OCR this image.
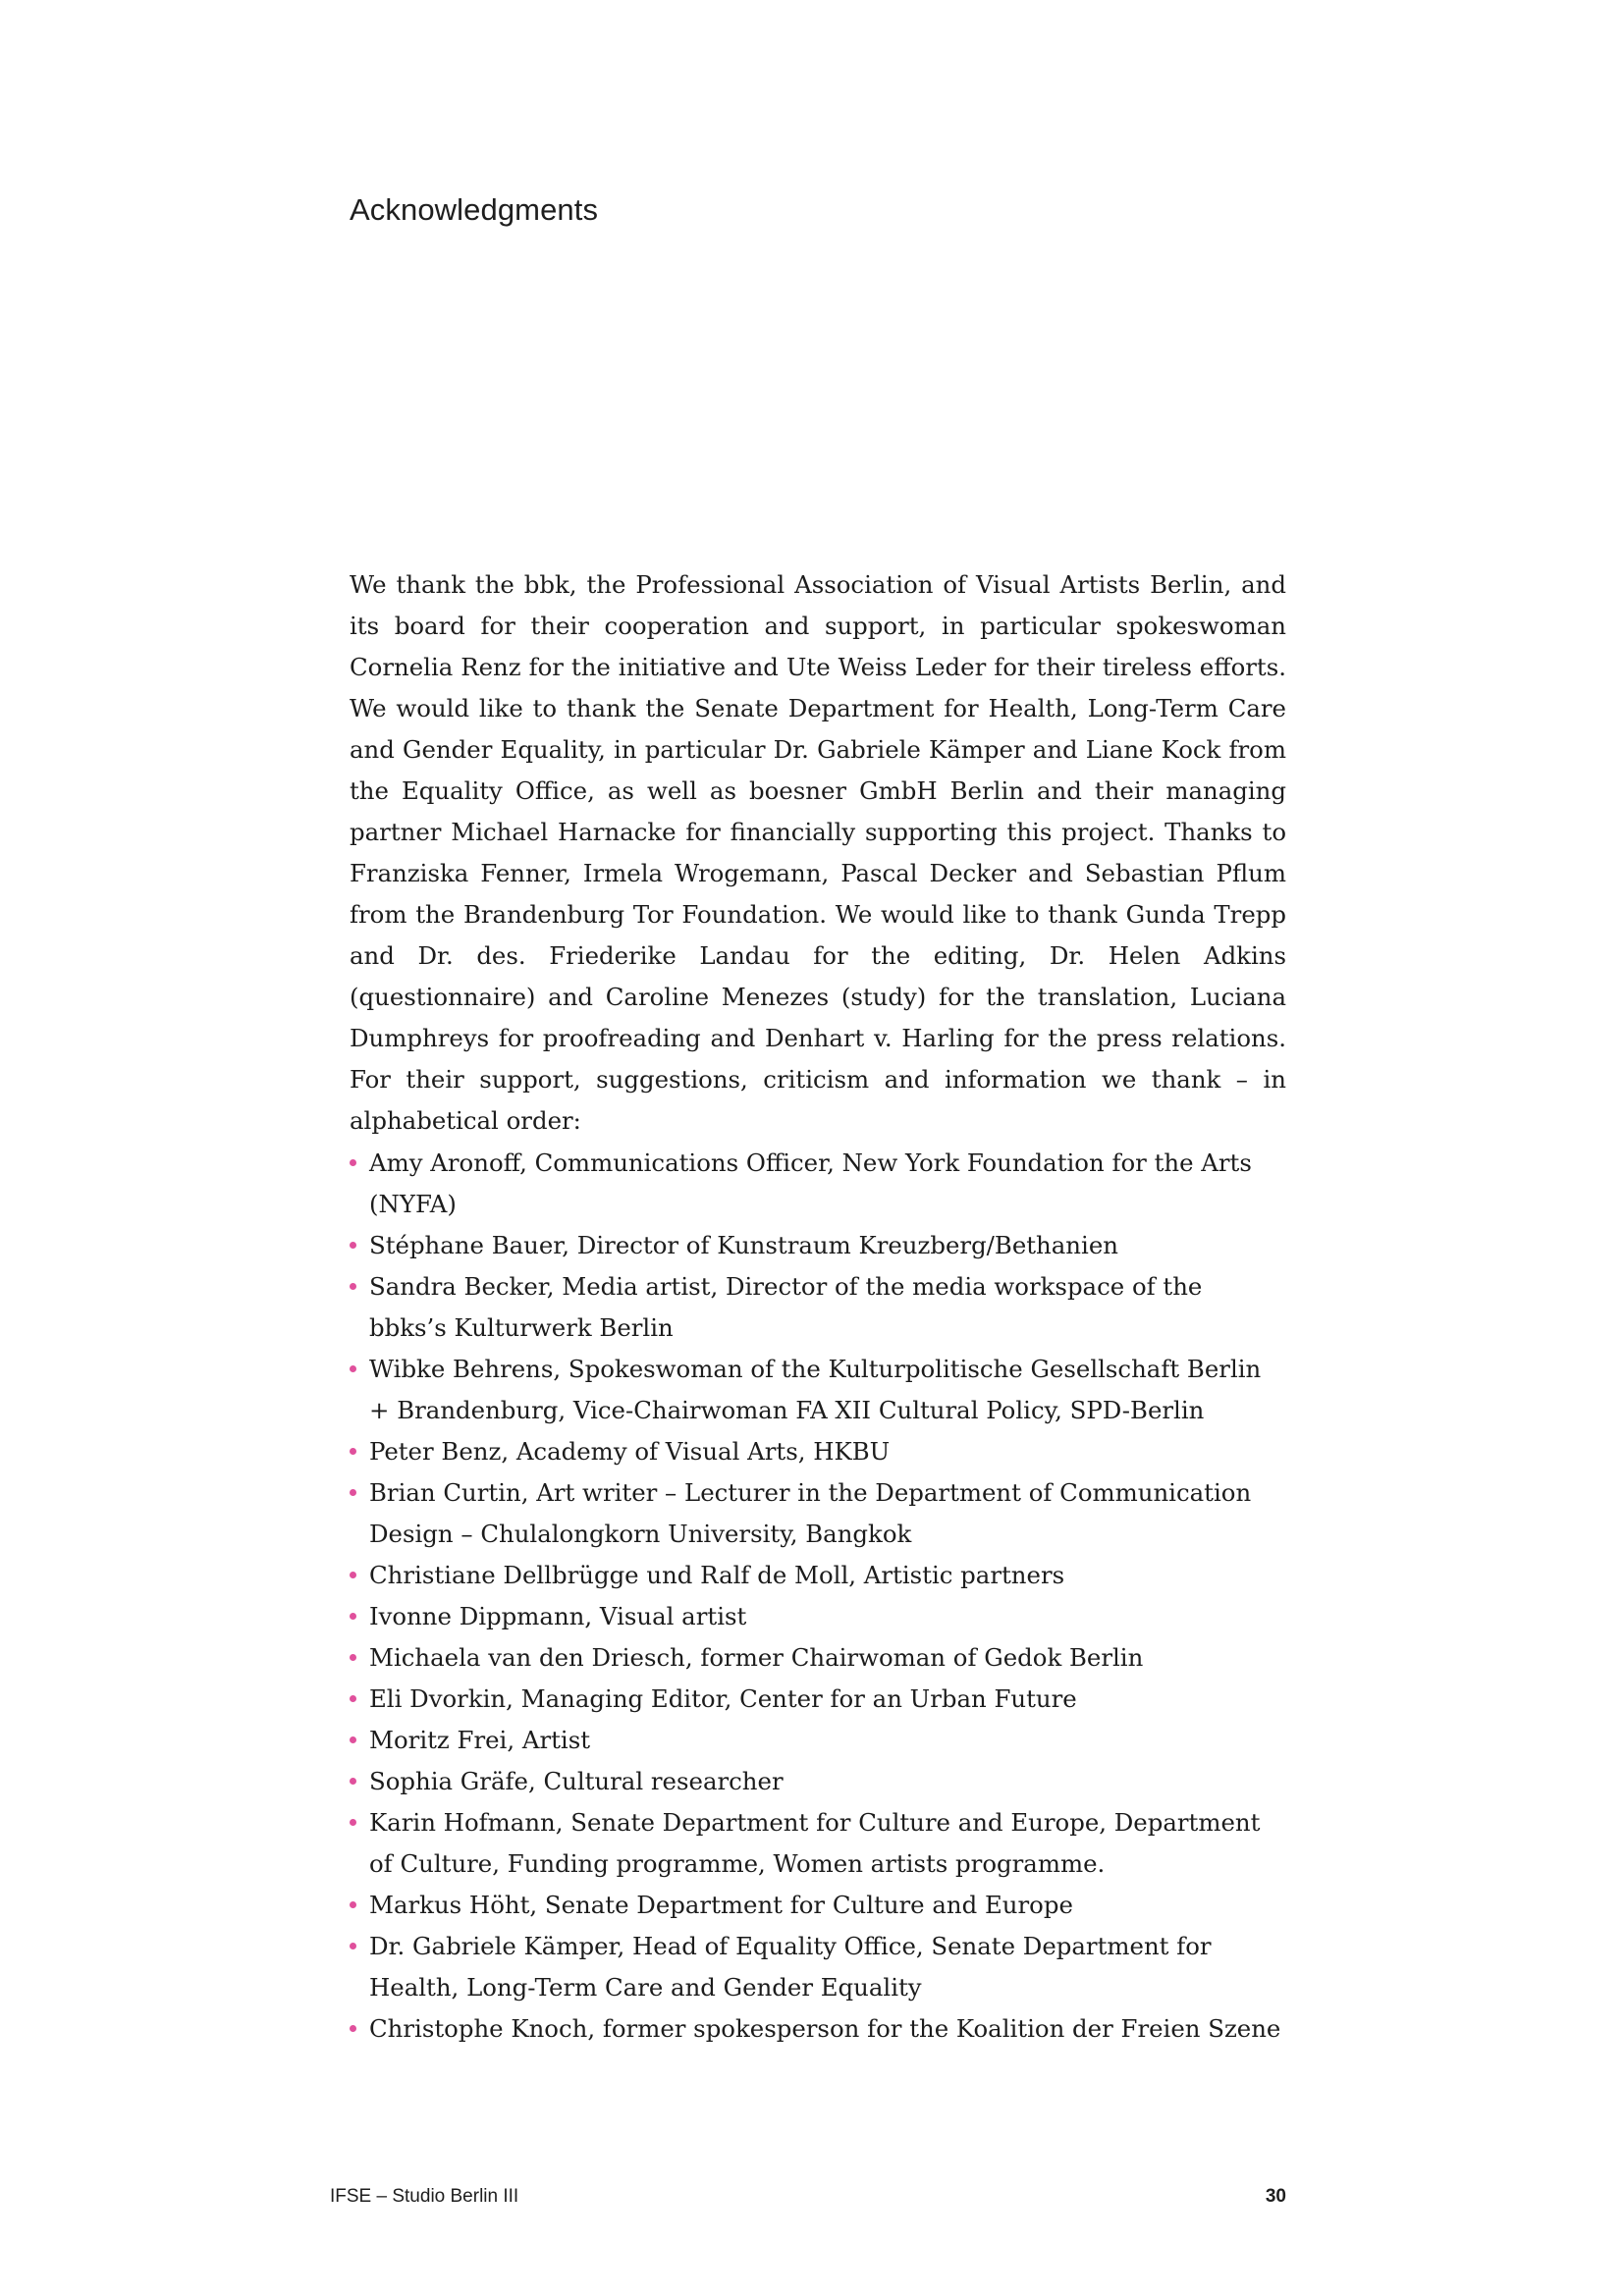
Acknowledgments

We thank the bbk, the Professional Association of Visual Artists Berlin, and its board for their cooperation and support, in particular spokeswoman Cornelia Renz for the initiative and Ute Weiss Leder for their tireless efforts. We would like to thank the Senate Department for Health, Long-Term Care and Gender Equality, in particular Dr. Gabriele Kämper and Liane Kock from the Equality Office, as well as boesner GmbH Berlin and their managing partner Michael Harnacke for financially supporting this project. Thanks to Franziska Fenner, Irmela Wrogemann, Pascal Decker and Sebastian Pflum from the Brandenburg Tor Foundation. We would like to thank Gunda Trepp and Dr. des. Friederike Landau for the editing, Dr. Helen Adkins (questionnaire) and Caroline Menezes (study) for the translation, Luciana Dumphreys for proofreading and Denhart v. Harling for the press relations. For their support, suggestions, criticism and information we thank – in alphabetical order:

Amy Aronoff, Communications Officer, New York Foundation for the Arts (NYFA)
Stéphane Bauer, Director of Kunstraum Kreuzberg/Bethanien
Sandra Becker, Media artist, Director of the media workspace of the bbks’s Kulturwerk Berlin
Wibke Behrens, Spokeswoman of the Kulturpolitische Gesellschaft Berlin + Brandenburg, Vice-Chairwoman FA XII Cultural Policy, SPD-Berlin
Peter Benz, Academy of Visual Arts, HKBU
Brian Curtin, Art writer – Lecturer in the Department of Communication Design – Chulalongkorn University, Bangkok
Christiane Dellbrügge und Ralf de Moll, Artistic partners
Ivonne Dippmann, Visual artist
Michaela van den Driesch, former Chairwoman of Gedok Berlin
Eli Dvorkin, Managing Editor, Center for an Urban Future
Moritz Frei, Artist
Sophia Gräfe, Cultural researcher
Karin Hofmann, Senate Department for Culture and Europe, Department of Culture, Funding programme, Women artists programme.
Markus Höht, Senate Department for Culture and Europe
Dr. Gabriele Kämper, Head of Equality Office, Senate Department for Health, Long-Term Care and Gender Equality
Christophe Knoch, former spokesperson for the Koalition der Freien Szene
IFSE – Studio Berlin III	30
